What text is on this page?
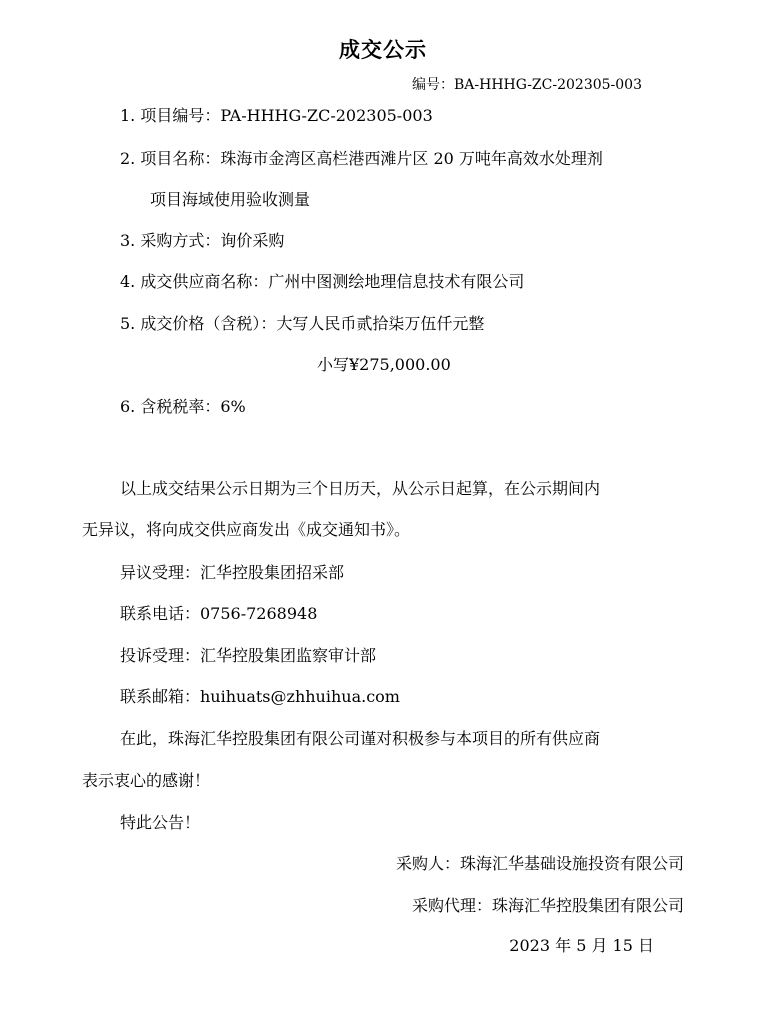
成交公示
编号：BA-HHHG-ZC-202305-003
1. 项目编号：PA-HHHG-ZC-202305-003
2. 项目名称：珠海市金湾区高栏港西滩片区 20 万吨年高效水处理剂
项目海域使用验收测量
3. 采购方式：询价采购
4. 成交供应商名称：广州中图测绘地理信息技术有限公司
5. 成交价格（含税）：大写人民币贰拾柒万伍仟元整
小写¥275,000.00
6. 含税税率：6%
以上成交结果公示日期为三个日历天，从公示日起算，在公示期间内
无异议，将向成交供应商发出《成交通知书》。
异议受理：汇华控股集团招采部
联系电话：0756-7268948
投诉受理：汇华控股集团监察审计部
联系邮箱：huihuats@zhhuihua.com
在此，珠海汇华控股集团有限公司谨对积极参与本项目的所有供应商
表示衷心的感谢！
特此公告！
采购人：珠海汇华基础设施投资有限公司
采购代理：珠海汇华控股集团有限公司
2023 年 5 月 15 日
